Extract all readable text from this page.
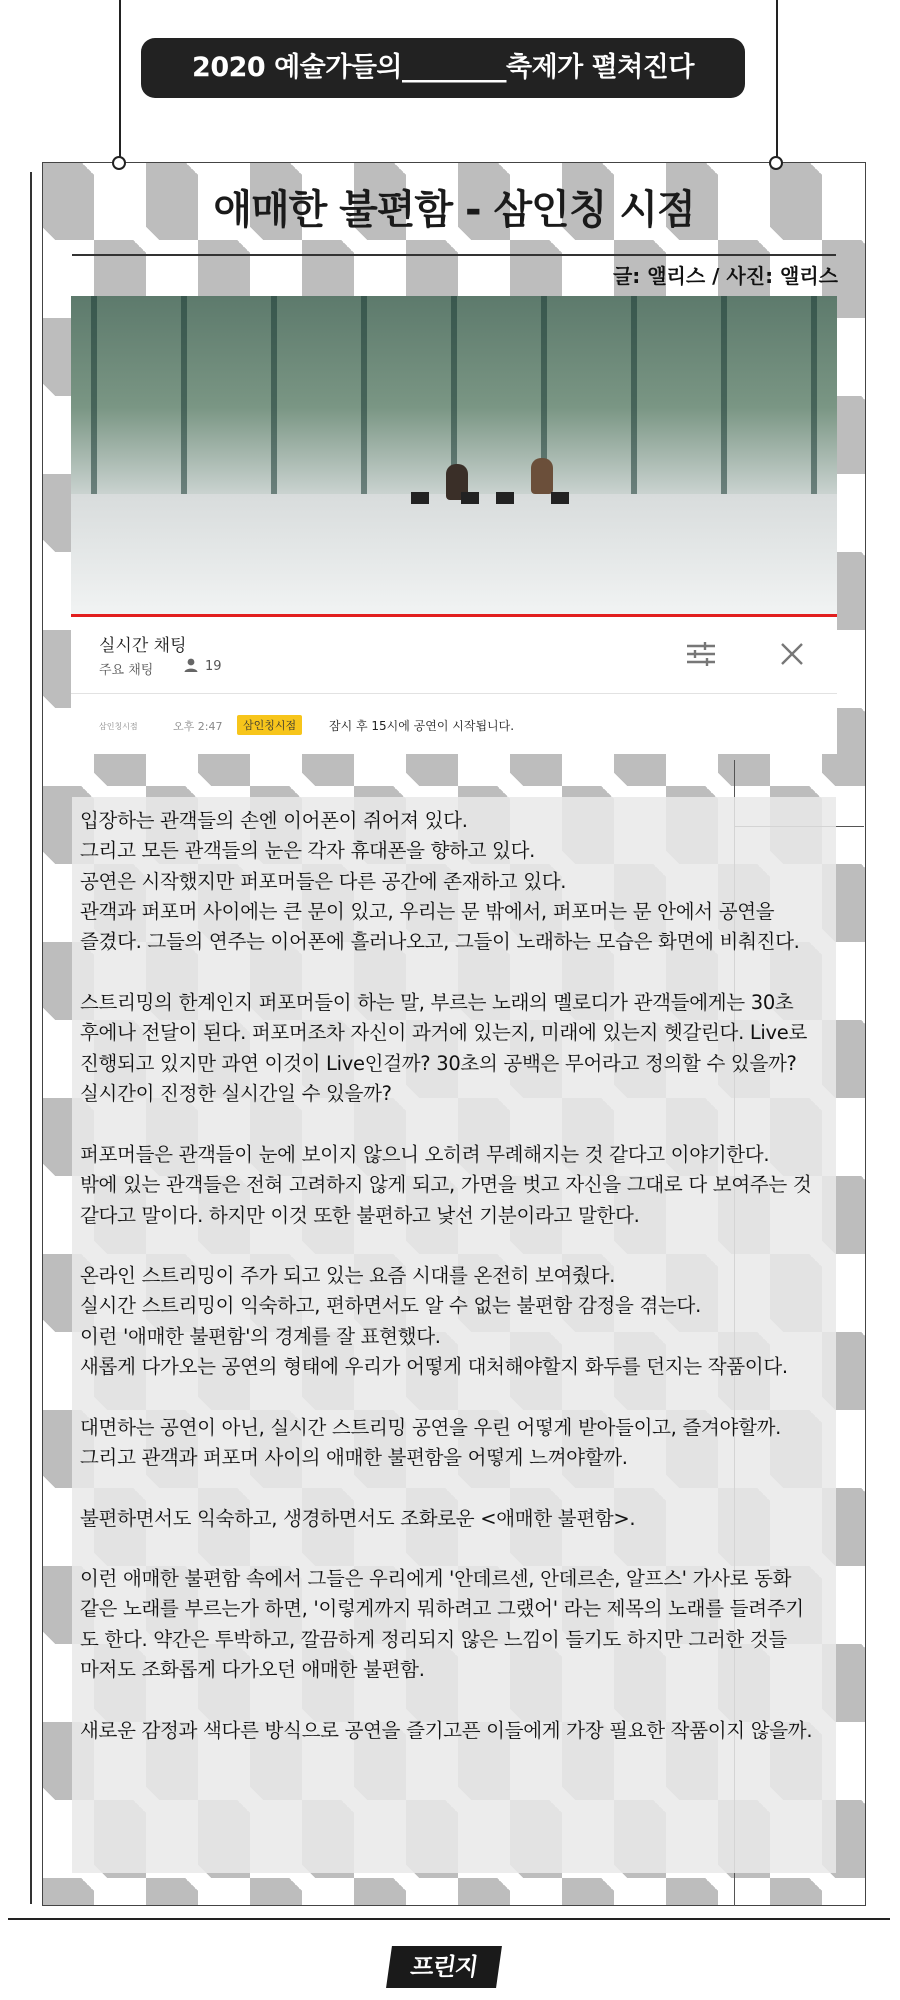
2020 예술가들의________축제가 펼쳐진다
애매한 불편함 - 삼인칭 시점
글: 앨리스 / 사진: 앨리스
실시간 채팅
주요 채팅	19
삼인칭시점	오후 2:47	삼인칭시점	잠시 후 15시에 공연이 시작됩니다.

입장하는 관객들의 손엔 이어폰이 쥐어져 있다.
그리고 모든 관객들의 눈은 각자 휴대폰을 향하고 있다.
공연은 시작했지만 퍼포머들은 다른 공간에 존재하고 있다.
관객과 퍼포머 사이에는 큰 문이 있고, 우리는 문 밖에서, 퍼포머는 문 안에서 공연을
즐겼다. 그들의 연주는 이어폰에 흘러나오고, 그들이 노래하는 모습은 화면에 비춰진다.

스트리밍의 한계인지 퍼포머들이 하는 말, 부르는 노래의 멜로디가 관객들에게는 30초
후에나 전달이 된다. 퍼포머조차 자신이 과거에 있는지, 미래에 있는지 헷갈린다. Live로
진행되고 있지만 과연 이것이 Live인걸까? 30초의 공백은 무어라고 정의할 수 있을까?
실시간이 진정한 실시간일 수 있을까?

퍼포머들은 관객들이 눈에 보이지 않으니 오히려 무례해지는 것 같다고 이야기한다.
밖에 있는 관객들은 전혀 고려하지 않게 되고, 가면을 벗고 자신을 그대로 다 보여주는 것
같다고 말이다. 하지만 이것 또한 불편하고 낯선 기분이라고 말한다.

온라인 스트리밍이 주가 되고 있는 요즘 시대를 온전히 보여줬다.
실시간 스트리밍이 익숙하고, 편하면서도 알 수 없는 불편함 감정을 겪는다.
이런 '애매한 불편함'의 경계를 잘 표현했다.
새롭게 다가오는 공연의 형태에 우리가 어떻게 대처해야할지 화두를 던지는 작품이다.

대면하는 공연이 아닌, 실시간 스트리밍 공연을 우린 어떻게 받아들이고, 즐겨야할까.
그리고 관객과 퍼포머 사이의 애매한 불편함을 어떻게 느껴야할까.

불편하면서도 익숙하고, 생경하면서도 조화로운 <애매한 불편함>.

이런 애매한 불편함 속에서 그들은 우리에게 '안데르센, 안데르손, 알프스' 가사로 동화
같은 노래를 부르는가 하면, '이렇게까지 뭐하려고 그랬어' 라는 제목의 노래를 들려주기
도 한다. 약간은 투박하고, 깔끔하게 정리되지 않은 느낌이 들기도 하지만 그러한 것들
마저도 조화롭게 다가오던 애매한 불편함.

새로운 감정과 색다른 방식으로 공연을 즐기고픈 이들에게 가장 필요한 작품이지 않을까.

프린지
